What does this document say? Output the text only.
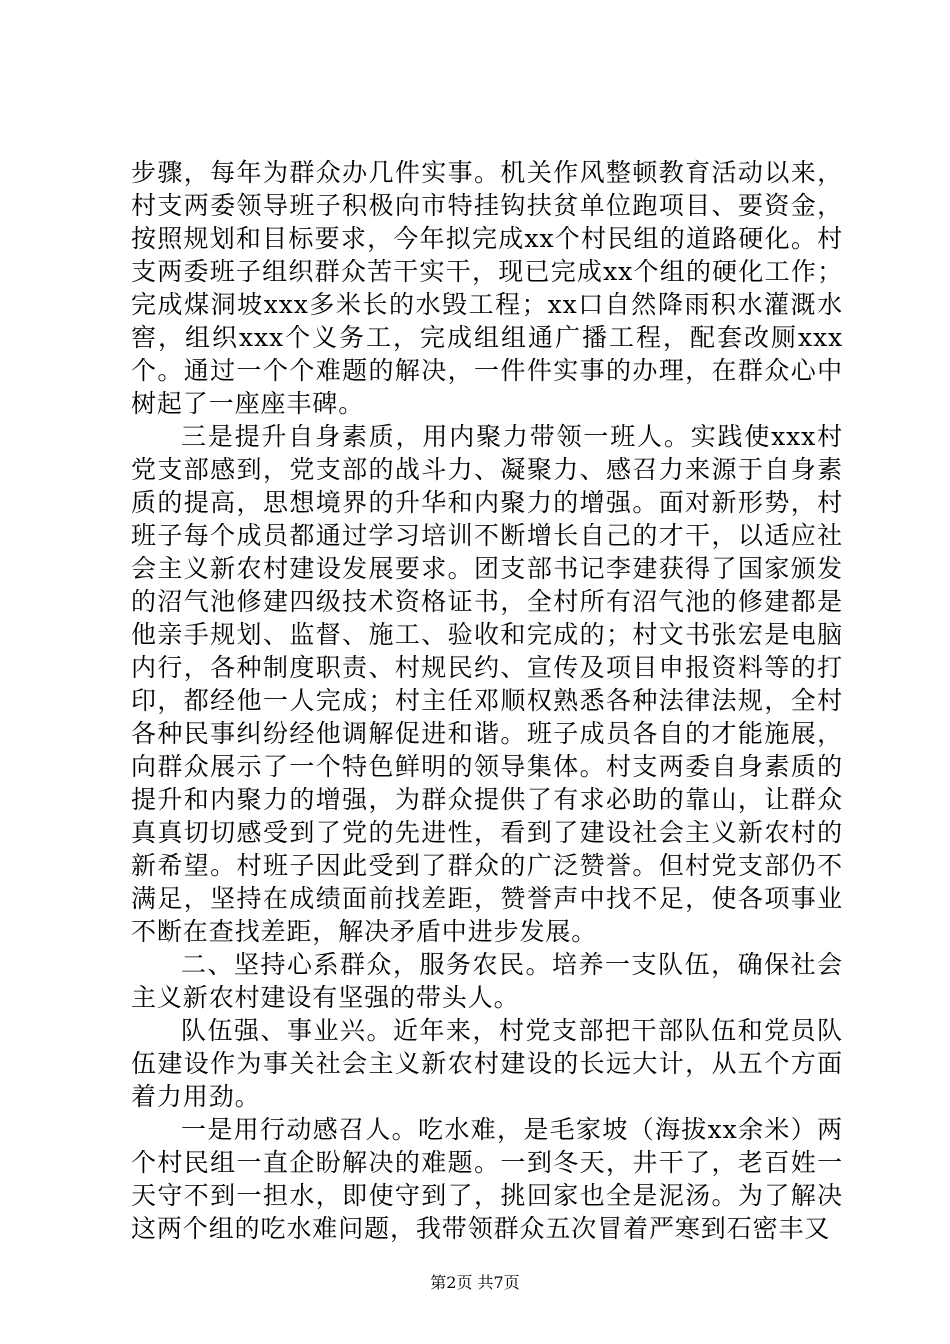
步骤，每年为群众办几件实事。机关作风整顿教育活动以来，村支两委领导班子积极向市特挂钩扶贫单位跑项目、要资金，按照规划和目标要求，今年拟完成xx个村民组的道路硬化。村支两委班子组织群众苦干实干，现已完成xx个组的硬化工作；完成煤洞坡xxx多米长的水毁工程；xx口自然降雨积水灌溉水窖，组织xxx个义务工，完成组组通广播工程，配套改厕xxx个。通过一个个难题的解决，一件件实事的办理，在群众心中树起了一座座丰碑。

三是提升自身素质，用内聚力带领一班人。实践使xxx村党支部感到，党支部的战斗力、凝聚力、感召力来源于自身素质的提高，思想境界的升华和内聚力的增强。面对新形势，村班子每个成员都通过学习培训不断增长自己的才干，以适应社会主义新农村建设发展要求。团支部书记李建获得了国家颁发的沼气池修建四级技术资格证书，全村所有沼气池的修建都是他亲手规划、监督、施工、验收和完成的；村文书张宏是电脑内行，各种制度职责、村规民约、宣传及项目申报资料等的打印，都经他一人完成；村主任邓顺权熟悉各种法律法规，全村各种民事纠纷经他调解促进和谐。班子成员各自的才能施展，向群众展示了一个特色鲜明的领导集体。村支两委自身素质的提升和内聚力的增强，为群众提供了有求必助的靠山，让群众真真切切感受到了党的先进性，看到了建设社会主义新农村的新希望。村班子因此受到了群众的广泛赞誉。但村党支部仍不满足，坚持在成绩面前找差距，赞誉声中找不足，使各项事业不断在查找差距，解决矛盾中进步发展。

二、坚持心系群众，服务农民。培养一支队伍，确保社会主义新农村建设有坚强的带头人。

队伍强、事业兴。近年来，村党支部把干部队伍和党员队伍建设作为事关社会主义新农村建设的长远大计，从五个方面着力用劲。

一是用行动感召人。吃水难，是毛家坡（海拔xx余米）两个村民组一直企盼解决的难题。一到冬天，井干了，老百姓一天守不到一担水，即使守到了，挑回家也全是泥汤。为了解决这两个组的吃水难问题，我带领群众五次冒着严寒到石密丰又

第2页 共7页
